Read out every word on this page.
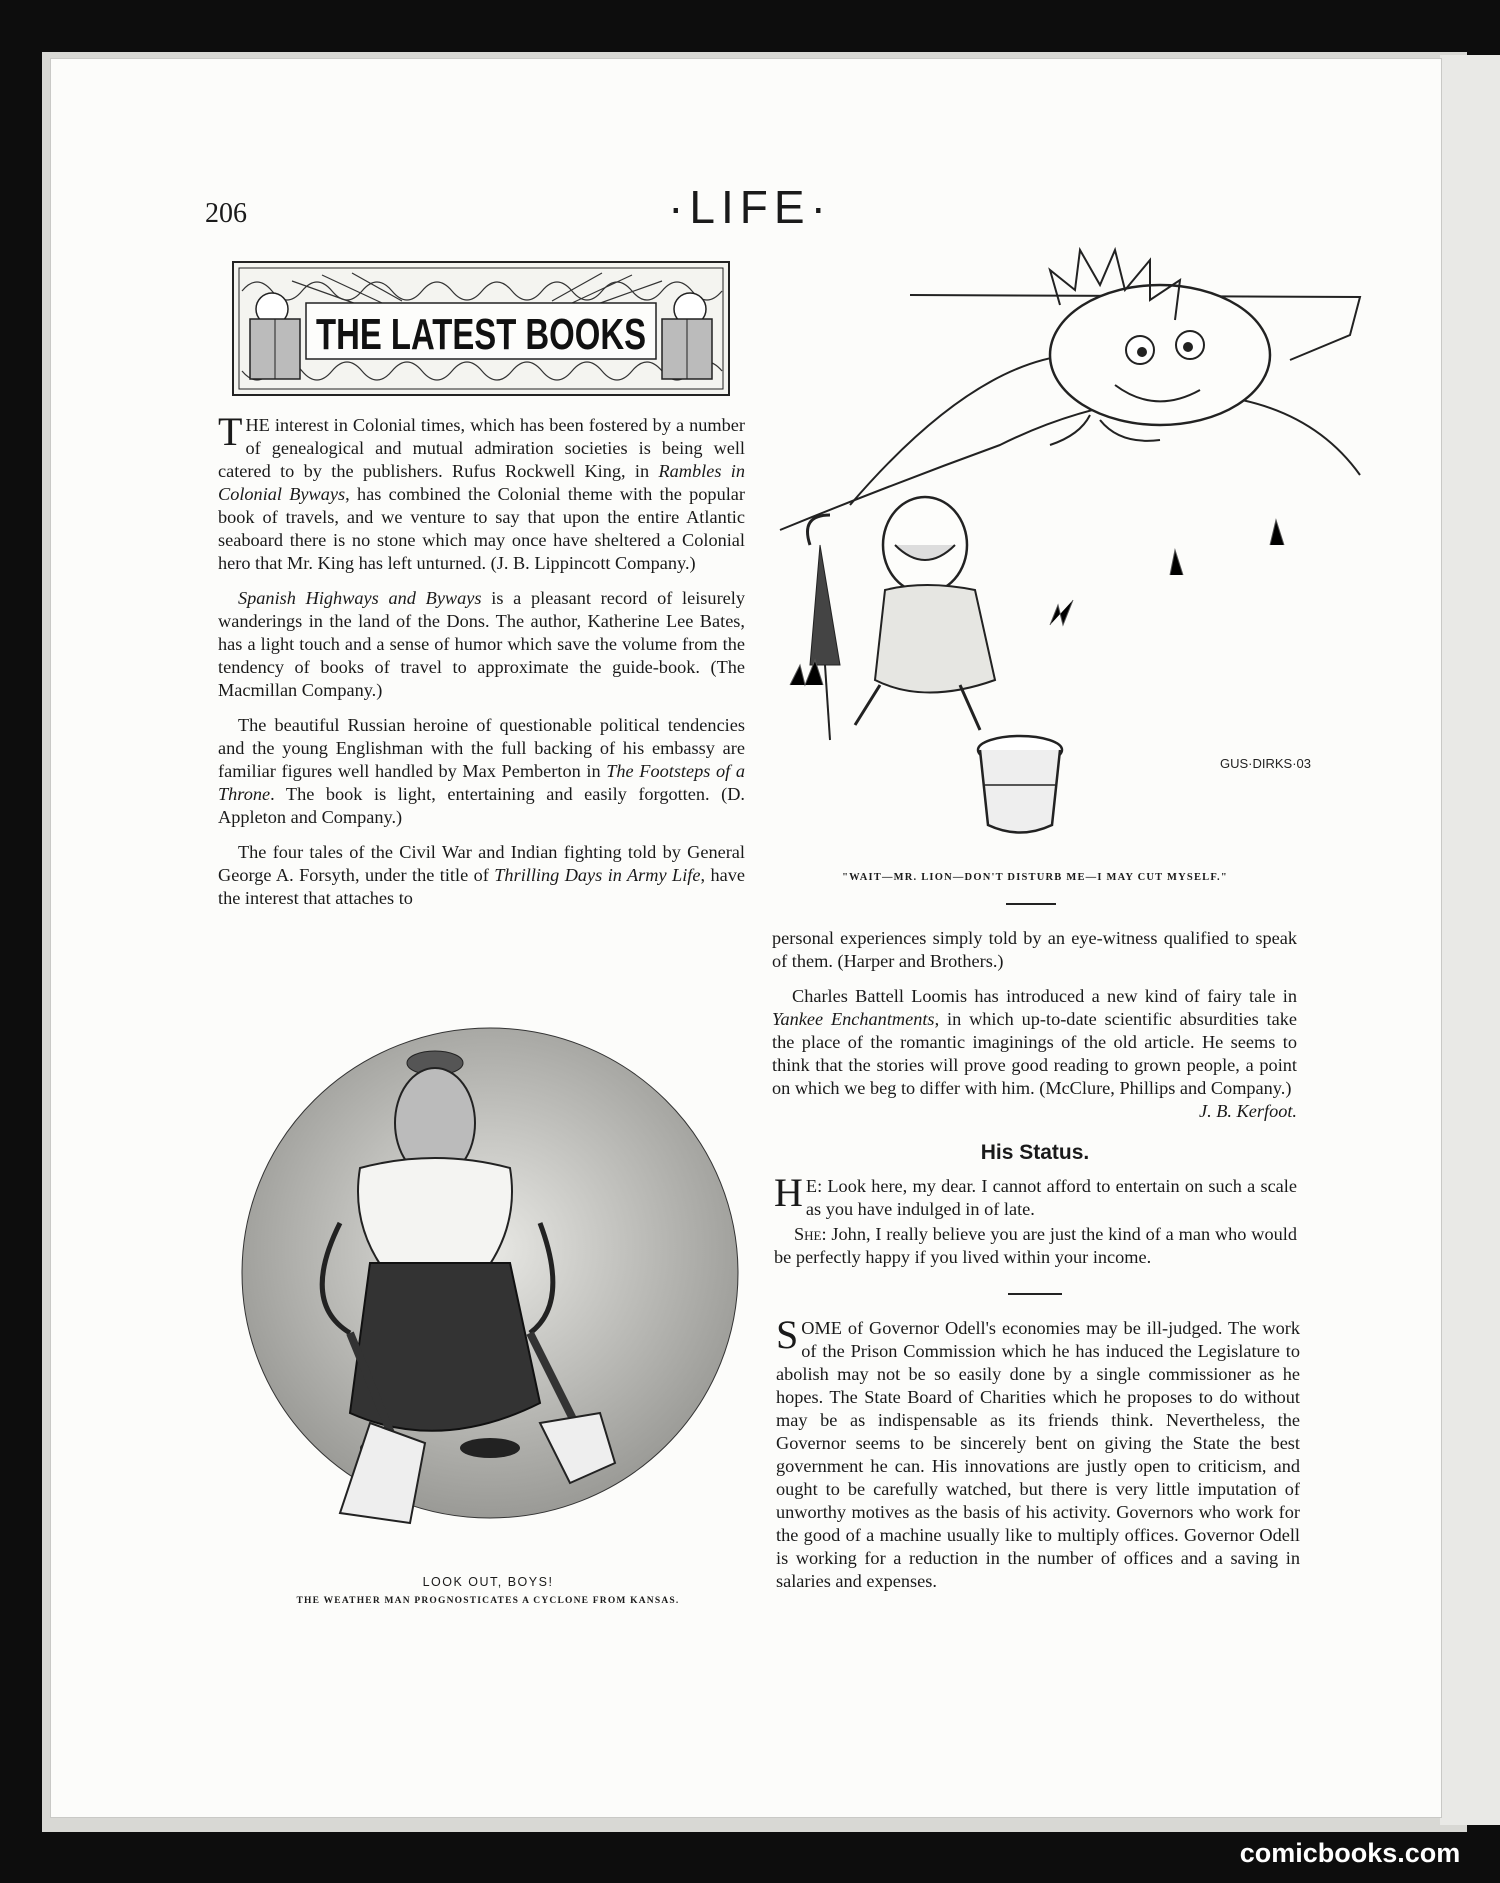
206	·LIFE·
THE LATEST BOOKS

THE interest in Colonial times, which has been fostered by a number of genealogical and mutual admiration societies is being well catered to by the publishers. Rufus Rockwell King, in Rambles in Colonial Byways, has combined the Colonial theme with the popular book of travels, and we venture to say that upon the entire Atlantic seaboard there is no stone which may once have sheltered a Colonial hero that Mr. King has left unturned. (J. B. Lippincott Company.)

Spanish Highways and Byways is a pleasant record of leisurely wanderings in the land of the Dons. The author, Katherine Lee Bates, has a light touch and a sense of humor which save the volume from the tendency of books of travel to approximate the guide-book. (The Macmillan Company.)

The beautiful Russian heroine of questionable political tendencies and the young Englishman with the full backing of his embassy are familiar figures well handled by Max Pemberton in The Footsteps of a Throne. The book is light, entertaining and easily forgotten. (D. Appleton and Company.)

The four tales of the Civil War and Indian fighting told by General George A. Forsyth, under the title of Thrilling Days in Army Life, have the interest that attaches to

GUS·DIRKS·03
"WAIT—MR. LION—DON'T DISTURB ME—I MAY CUT MYSELF."
LOOK OUT, BOYS!
THE WEATHER MAN PROGNOSTICATES A CYCLONE FROM KANSAS.

personal experiences simply told by an eye-witness qualified to speak of them. (Harper and Brothers.)

Charles Battell Loomis has introduced a new kind of fairy tale in Yankee Enchantments, in which up-to-date scientific absurdities take the place of the romantic imaginings of the old article. He seems to think that the stories will prove good reading to grown people, a point on which we beg to differ with him. (McClure, Phillips and Company.)
J. B. Kerfoot.

His Status.

H E: Look here, my dear. I cannot afford to entertain on such a scale as you have indulged in of late.

She: John, I really believe you are just the kind of a man who would be perfectly happy if you lived within your income.

SOME of Governor Odell's economies may be ill-judged. The work of the Prison Commission which he has induced the Legislature to abolish may not be so easily done by a single commissioner as he hopes. The State Board of Charities which he proposes to do without may be as indispensable as its friends think. Nevertheless, the Governor seems to be sincerely bent on giving the State the best government he can. His innovations are justly open to criticism, and ought to be carefully watched, but there is very little imputation of unworthy motives as the basis of his activity. Governors who work for the good of a machine usually like to multiply offices. Governor Odell is working for a reduction in the number of offices and a saving in salaries and expenses.

comicbooks.com
